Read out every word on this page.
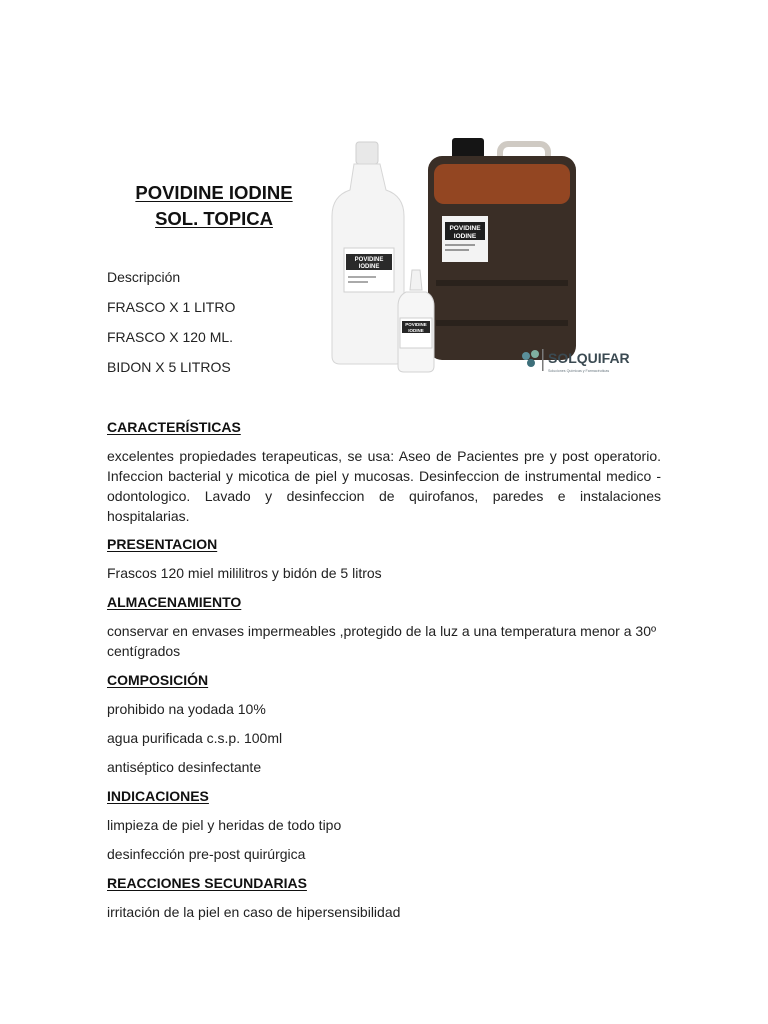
POVIDINE IODINE
SOL. TOPICA
Descripción
FRASCO X 1 LITRO
FRASCO X 120 ML.
BIDON X 5 LITROS
POVIDINE
IODINE
POVIDINE
IODINE
POVIDINE
IODINE
SOLQUIFAR
Soluciones Químicas y Farmacéuticas
CARACTERÍSTICAS

excelentes propiedades terapeuticas, se usa: Aseo de Pacientes pre y post operatorio. Infeccion bacterial y micotica de piel y mucosas. Desinfeccion de instrumental medico - odontologico. Lavado y desinfeccion de quirofanos, paredes e instalaciones hospitalarias.

PRESENTACION

Frascos 120 miel mililitros y bidón de 5 litros

ALMACENAMIENTO

conservar en envases impermeables ,protegido de la luz a una temperatura menor a 30º centígrados

COMPOSICIÓN

prohibido na yodada 10%

agua purificada c.s.p. 100ml

antiséptico desinfectante

INDICACIONES

limpieza de piel y heridas de todo tipo

desinfección pre-post quirúrgica

REACCIONES SECUNDARIAS

irritación de la piel en caso de hipersensibilidad
